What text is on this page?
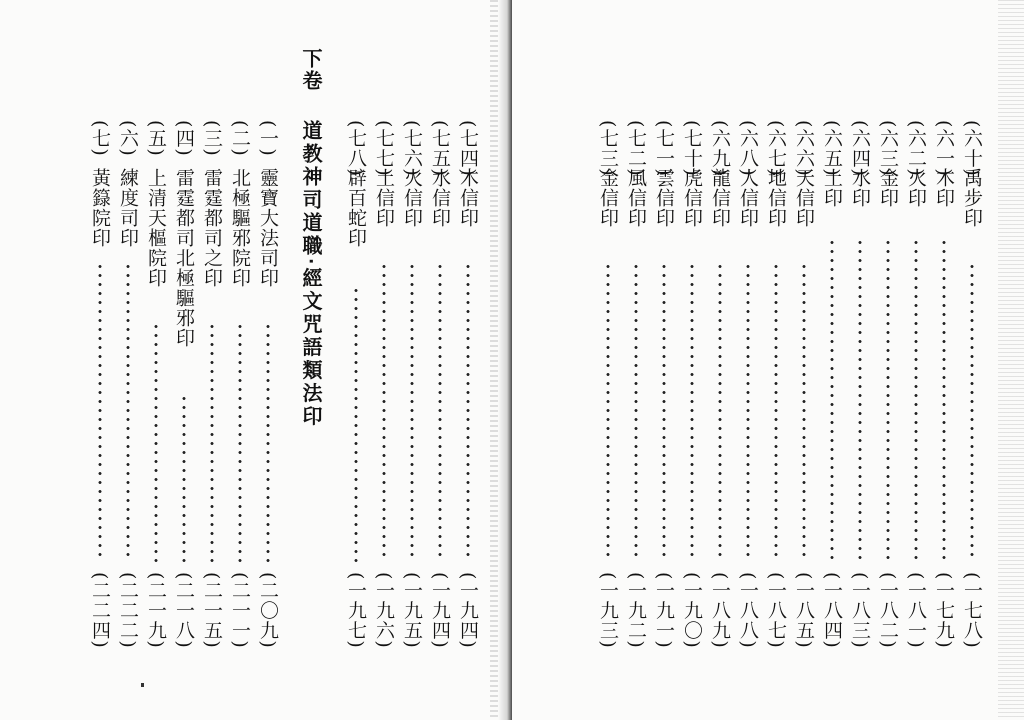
下卷
道教神司道職‧經文咒語類法印	(七四)
木信印
(一九四)
(七五)
水信印
(一九四)
(七六)
火信印
(一九五)
(七七)
土信印
(一九六)
(七八)
辟百蛇印
(一九七)
(一)
靈寶大法司印
(二〇九)
(二)
北極驅邪院印
(二一一)
(三)
雷霆都司之印
(二一五)
(四)
雷霆都司北極驅邪印
(二一八)
(五)
上清天樞院印
(二一九)
(六)
練度司印
(二二二)
(七)
黃籙院印
(二二四)
(六十)
禹步印
(一七八)
(六一)
木印
(一七九)
(六二)
火印
(一八一)
(六三)
金印
(一八二)
(六四)
水印
(一八三)
(六五)
土印
(一八四)
(六六)
天信印
(一八五)
(六七)
地信印
(一八七)
(六八)
人信印
(一八八)
(六九)
龍信印
(一八九)
(七十)
虎信印
(一九〇)
(七一)
雲信印
(一九一)
(七二)
風信印
(一九二)
(七三)
金信印
(一九三)
